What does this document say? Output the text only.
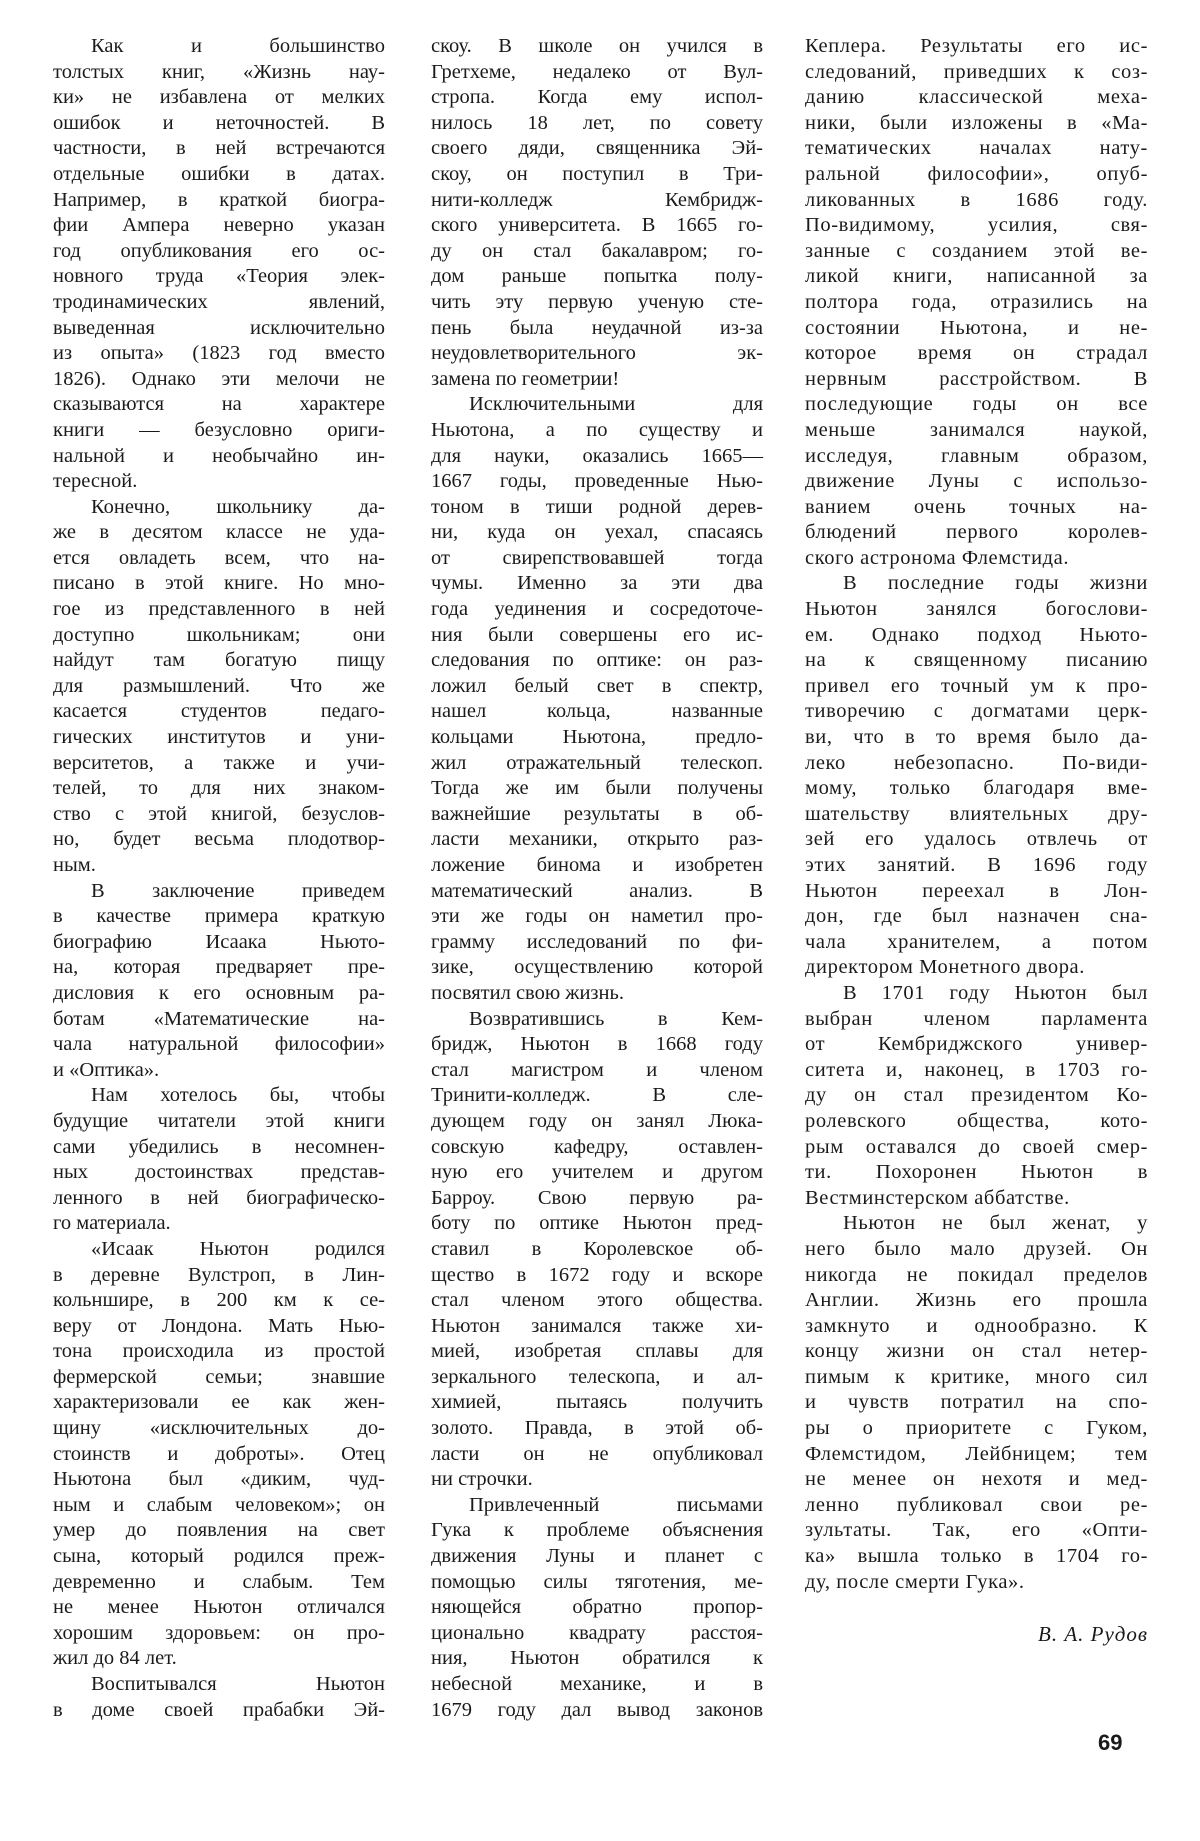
Как и большинство
толстых книг, «Жизнь нау-
ки» не избавлена от мелких
ошибок и неточностей. В
частности, в ней встречаются
отдельные ошибки в датах.
Например, в краткой биогра-
фии Ампера неверно указан
год опубликования его ос-
новного труда «Теория элек-
тродинамических явлений,
выведенная исключительно
из опыта» (1823 год вместо
1826). Однако эти мелочи не
сказываются на характере
книги — безусловно ориги-
нальной и необычайно ин-
тересной.
Конечно, школьнику да-
же в десятом классе не уда-
ется овладеть всем, что на-
писано в этой книге. Но мно-
гое из представленного в ней
доступно школьникам; они
найдут там богатую пищу
для размышлений. Что же
касается студентов педаго-
гических институтов и уни-
верситетов, а также и учи-
телей, то для них знаком-
ство с этой книгой, безуслов-
но, будет весьма плодотвор-
ным.
В заключение приведем
в качестве примера краткую
биографию Исаака Ньюто-
на, которая предваряет пре-
дисловия к его основным ра-
ботам «Математические на-
чала натуральной философии»
и «Оптика».
Нам хотелось бы, чтобы
будущие читатели этой книги
сами убедились в несомнен-
ных достоинствах представ-
ленного в ней биографическо-
го материала.
«Исаак Ньютон родился
в деревне Вулстроп, в Лин-
кольншире, в 200 км к се-
веру от Лондона. Мать Нью-
тона происходила из простой
фермерской семьи; знавшие
характеризовали ее как жен-
щину «исключительных до-
стоинств и доброты». Отец
Ньютона был «диким, чуд-
ным и слабым человеком»; он
умер до появления на свет
сына, который родился преж-
девременно и слабым. Тем
не менее Ньютон отличался
хорошим здоровьем: он про-
жил до 84 лет.
Воспитывался Ньютон
в доме своей прабабки Эй-
скоу. В школе он учился в
Гретхеме, недалеко от Вул-
стропа. Когда ему испол-
нилось 18 лет, по совету
своего дяди, священника Эй-
скоу, он поступил в Три-
нити-колледж Кембридж-
ского университета. В 1665 го-
ду он стал бакалавром; го-
дом раньше попытка полу-
чить эту первую ученую сте-
пень была неудачной из-за
неудовлетворительного эк-
замена по геометрии!
Исключительными для
Ньютона, а по существу и
для науки, оказались 1665—
1667 годы, проведенные Нью-
тоном в тиши родной дерев-
ни, куда он уехал, спасаясь
от свирепствовавшей тогда
чумы. Именно за эти два
года уединения и сосредоточе-
ния были совершены его ис-
следования по оптике: он раз-
ложил белый свет в спектр,
нашел кольца, названные
кольцами Ньютона, предло-
жил отражательный телескоп.
Тогда же им были получены
важнейшие результаты в об-
ласти механики, открыто раз-
ложение бинома и изобретен
математический анализ. В
эти же годы он наметил про-
грамму исследований по фи-
зике, осуществлению которой
посвятил свою жизнь.
Возвратившись в Кем-
бридж, Ньютон в 1668 году
стал магистром и членом
Тринити-колледж. В сле-
дующем году он занял Люка-
совскую кафедру, оставлен-
ную его учителем и другом
Барроу. Свою первую ра-
боту по оптике Ньютон пред-
ставил в Королевское об-
щество в 1672 году и вскоре
стал членом этого общества.
Ньютон занимался также хи-
мией, изобретая сплавы для
зеркального телескопа, и ал-
химией, пытаясь получить
золото. Правда, в этой об-
ласти он не опубликовал
ни строчки.
Привлеченный письмами
Гука к проблеме объяснения
движения Луны и планет с
помощью силы тяготения, ме-
няющейся обратно пропор-
ционально квадрату расстоя-
ния, Ньютон обратился к
небесной механике, и в
1679 году дал вывод законов
Кеплера. Результаты его ис-
следований, приведших к соз-
данию классической меха-
ники, были изложены в «Ма-
тематических началах нату-
ральной философии», опуб-
ликованных в 1686 году.
По-видимому, усилия, свя-
занные с созданием этой ве-
ликой книги, написанной за
полтора года, отразились на
состоянии Ньютона, и не-
которое время он страдал
нервным расстройством. В
последующие годы он все
меньше занимался наукой,
исследуя, главным образом,
движение Луны с использо-
ванием очень точных на-
блюдений первого королев-
ского астронома Флемстида.
В последние годы жизни
Ньютон занялся богослови-
ем. Однако подход Ньюто-
на к священному писанию
привел его точный ум к про-
тиворечию с догматами церк-
ви, что в то время было да-
леко небезопасно. По-види-
мому, только благодаря вме-
шательству влиятельных дру-
зей его удалось отвлечь от
этих занятий. В 1696 году
Ньютон переехал в Лон-
дон, где был назначен сна-
чала хранителем, а потом
директором Монетного двора.
В 1701 году Ньютон был
выбран членом парламента
от Кембриджского универ-
ситета и, наконец, в 1703 го-
ду он стал президентом Ко-
ролевского общества, кото-
рым оставался до своей смер-
ти. Похоронен Ньютон в
Вестминстерском аббатстве.
Ньютон не был женат, у
него было мало друзей. Он
никогда не покидал пределов
Англии. Жизнь его прошла
замкнуто и однообразно. К
концу жизни он стал нетер-
пимым к критике, много сил
и чувств потратил на спо-
ры о приоритете с Гуком,
Флемстидом, Лейбницем; тем
не менее он нехотя и мед-
ленно публиковал свои ре-
зультаты. Так, его «Опти-
ка» вышла только в 1704 го-
ду, после смерти Гука».
В. А. Рудов
69
